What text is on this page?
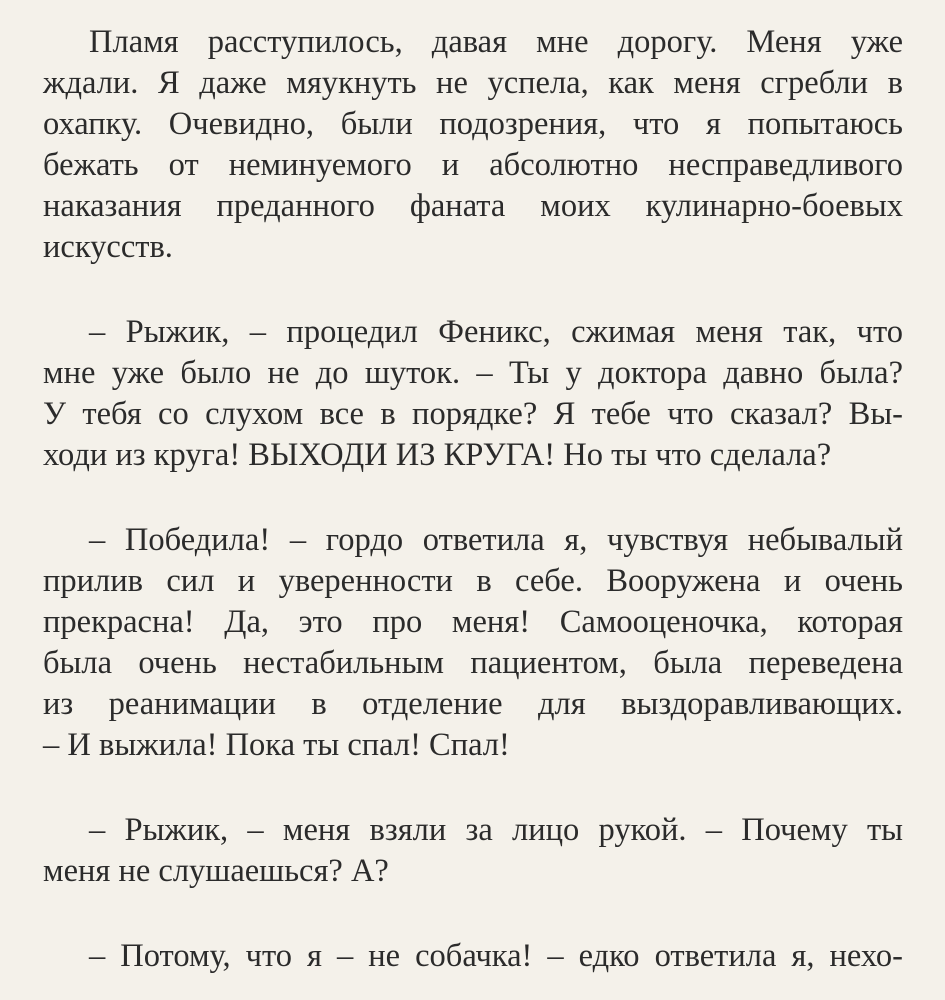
Пламя расступилось, давая мне дорогу. Меня уже
ждали. Я даже мяукнуть не успела, как меня сгребли в
охапку. Очевидно, были подозрения, что я попытаюсь
бежать от неминуемого и абсолютно несправедливого
наказания преданного фаната моих кулинарно-боевых
искусств.
– Рыжик, – процедил Феникс, сжимая меня так, что
мне уже было не до шуток. – Ты у доктора давно была?
У тебя со слухом все в порядке? Я тебе что сказал? Вы-
ходи из круга! ВЫХОДИ ИЗ КРУГА! Но ты что сделала?
– Победила! – гордо ответила я, чувствуя небывалый
прилив сил и уверенности в себе. Вооружена и очень
прекрасна! Да, это про меня! Самооценочка, которая
была очень нестабильным пациентом, была переведена
из реанимации в отделение для выздоравливающих.
– И выжила! Пока ты спал! Спал!
– Рыжик, – меня взяли за лицо рукой. – Почему ты
меня не слушаешься? А?
– Потому, что я – не собачка! – едко ответила я, нехо-
